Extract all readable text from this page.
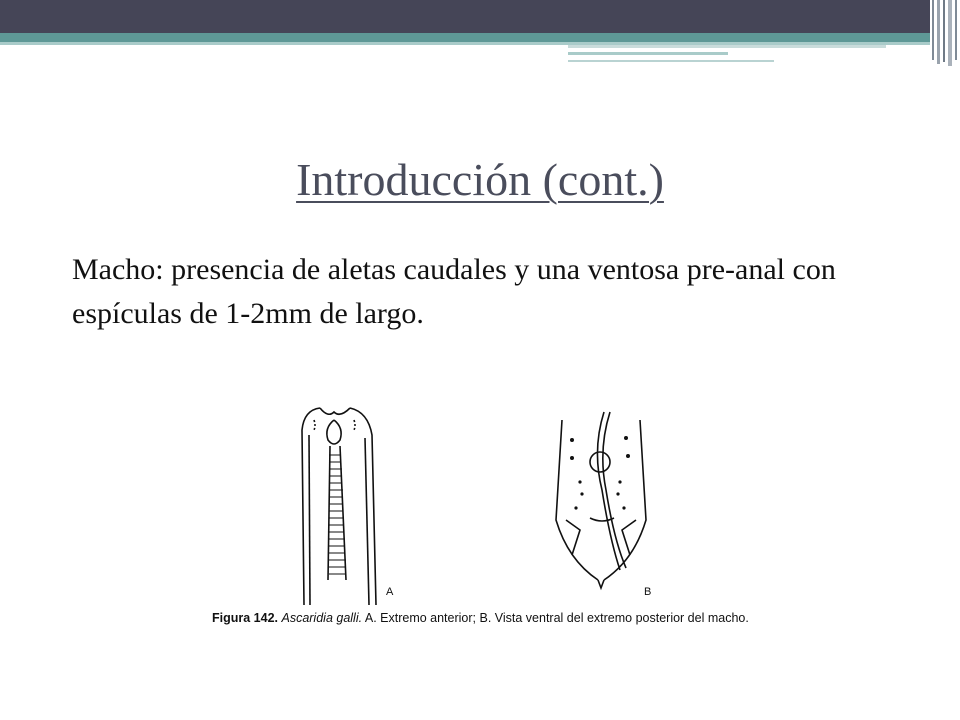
Introducción (cont.)
Macho: presencia de aletas caudales y una ventosa pre-anal con espículas de 1-2mm de largo.
A	B
Figura 142. Ascaridia galli. A. Extremo anterior; B. Vista ventral del extremo posterior del macho.
